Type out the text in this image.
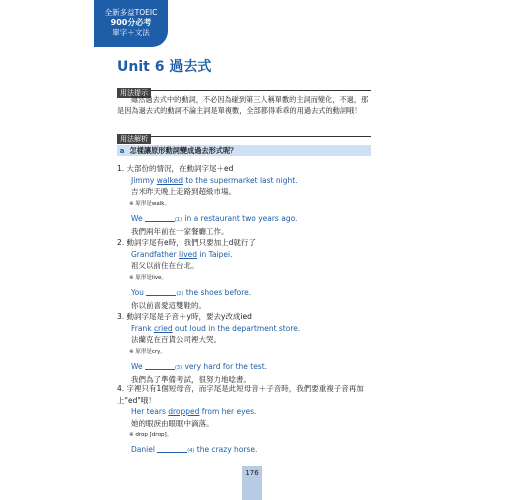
全新多益TOEIC
900分必考
單字＋文法
Unit 6 過去式
用法提示

雖然過去式中的動詞，不必因為碰到第三人稱單數的主詞而變化，不過，那是因為過去式的動詞不論主詞是單複數，全部都得乖乖的用過去式的動詞哦！

用法解析
a 怎樣讓原形動詞變成過去形式呢？

1. 大部份的情況，在動詞字尾＋ed

Jimmy walked to the supermarket last night.

吉米昨天晚上走路到超級市場。

※ 原形是walk。

We	(1) in a restaurant two years ago.

我們兩年前在一家餐廳工作。

2. 動詞字尾有e時，我們只要加上d就行了

Grandfather lived in Taipei.

祖父以前住在台北。

※ 原形是live。

You	(2) the shoes before.

你以前喜愛這雙鞋的。

3. 動詞字尾是子音＋y時，要去y改成ied

Frank cried out loud in the department store.

法蘭克在百貨公司裡大哭。

※ 原形是cry。

We	(3) very hard for the test.

我們為了準備考試，很努力地唸書。

4. 字裡只有1個短母音，而字尾是此短母音＋子音時，我們要重複子音再加上"ed"哦！

Her tears dropped from her eyes.

她的眼淚由眼眶中滴落。

※ drop [drɑp]。

Daniel	(4) the crazy horse.

176
